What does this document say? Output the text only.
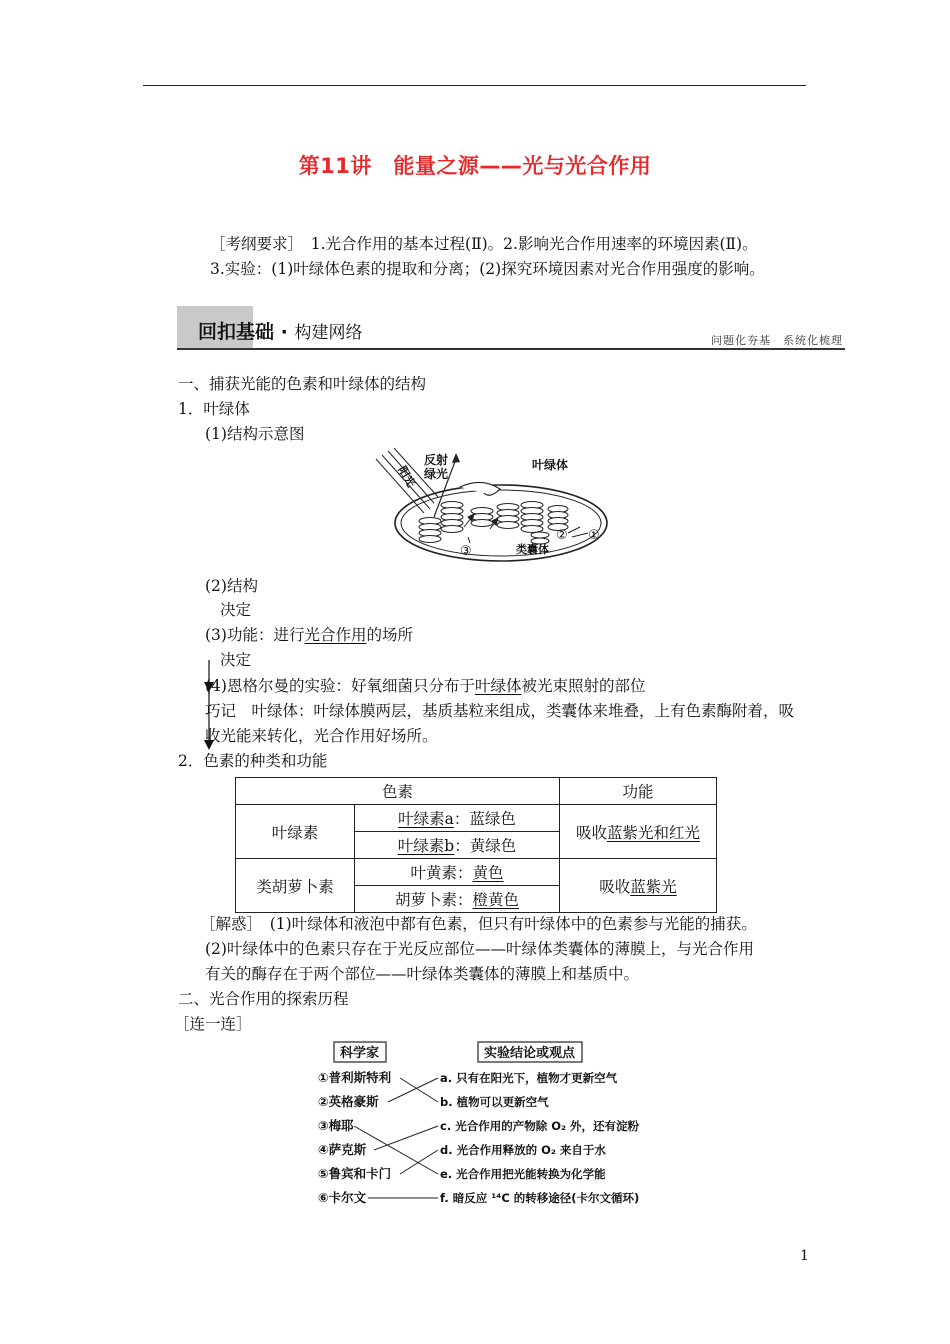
第11讲　能量之源——光与光合作用
［考纲要求］　1.光合作用的基本过程(Ⅱ)。2.影响光合作用速率的环境因素(Ⅱ)。
3.实验：(1)叶绿体色素的提取和分离；(2)探究环境因素对光合作用强度的影响。
回扣基础 · 构建网络	问题化夯基　系统化梳理
一、捕获光能的色素和叶绿体的结构
1．叶绿体
(1)结构示意图
反射
绿光
阳光	叶绿体
类囊体
①
②
③
(2)结构
决定
(3)功能：进行光合作用的场所
决定
(4)恩格尔曼的实验：好氧细菌只分布于叶绿体被光束照射的部位
巧记　叶绿体：叶绿体膜两层，基质基粒来组成，类囊体来堆叠，上有色素酶附着，吸
收光能来转化，光合作用好场所。
2．色素的种类和功能
色素		功能
叶绿素	叶绿素a：蓝绿色	吸收蓝紫光和红光
	叶绿素b：黄绿色	
类胡萝卜素	叶黄素：黄色	吸收蓝紫光
	胡萝卜素：橙黄色	
［解惑］　(1)叶绿体和液泡中都有色素，但只有叶绿体中的色素参与光能的捕获。
(2)叶绿体中的色素只存在于光反应部位——叶绿体类囊体的薄膜上，与光合作用
有关的酶存在于两个部位——叶绿体类囊体的薄膜上和基质中。
二、光合作用的探索历程
［连一连］
科学家	实验结论或观点
①普利斯特利
②英格豪斯
③梅耶
④萨克斯
⑤鲁宾和卡门
⑥卡尔文
a. 只有在阳光下，植物才更新空气
b. 植物可以更新空气
c. 光合作用的产物除 O₂ 外，还有淀粉
d. 光合作用释放的 O₂ 来自于水
e. 光合作用把光能转换为化学能
f. 暗反应 ¹⁴C 的转移途径(卡尔文循环)
1
